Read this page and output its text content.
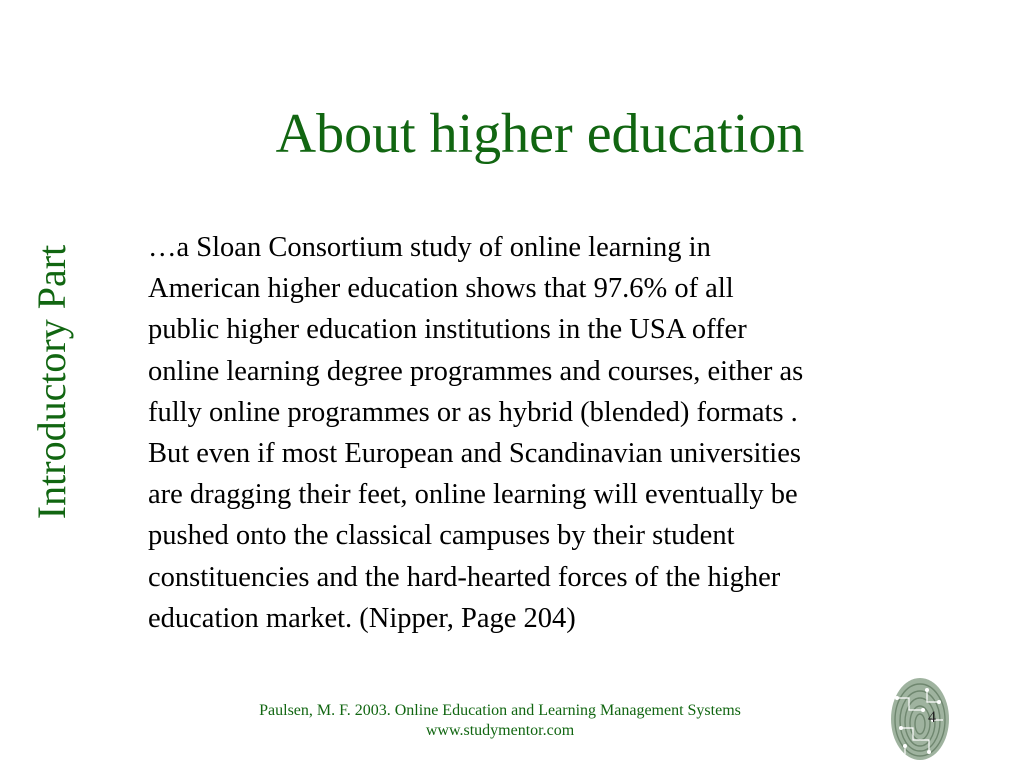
About higher education
Introductory Part	…a Sloan Consortium study of online learning in
American higher education shows that 97.6% of all
public higher education institutions in the USA offer
online learning degree programmes and courses, either as
fully online programmes or as hybrid (blended) formats .
But even if most European and Scandinavian universities
are dragging their feet, online learning will eventually be
pushed onto the classical campuses by their student
constituencies and the hard-hearted forces of the higher
education market. (Nipper, Page 204)
Paulsen, M. F. 2003. Online Education and Learning Management Systems
www.studymentor.com
4
